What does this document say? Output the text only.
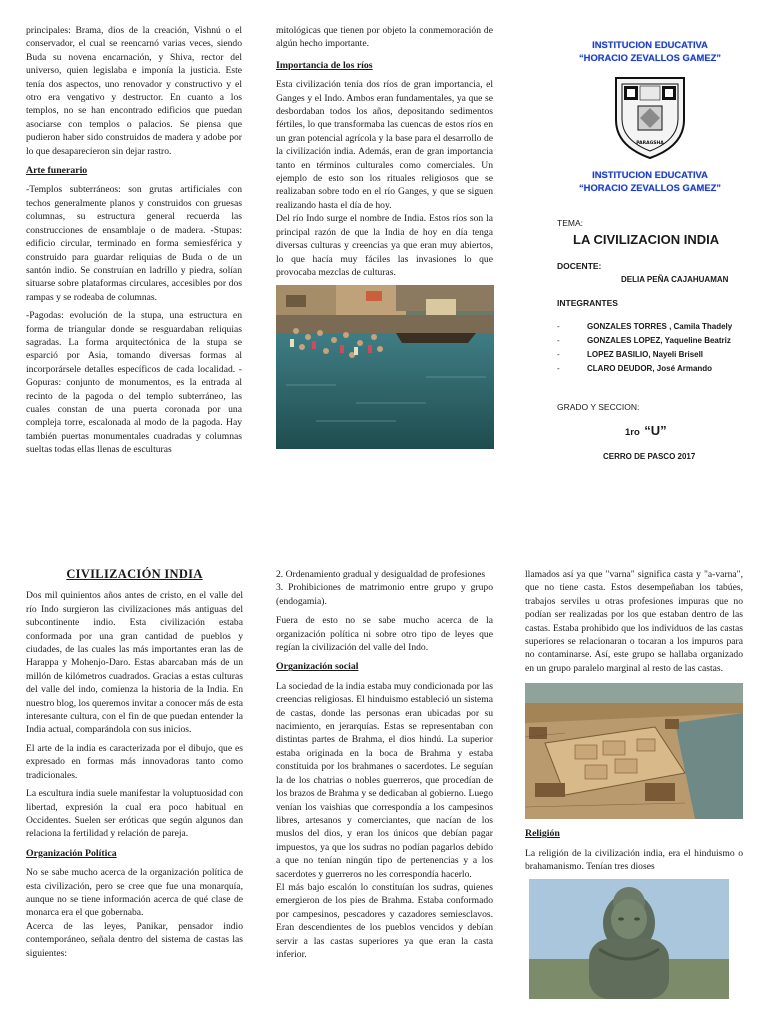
principales: Brama, dios de la creación, Vishnú o el conservador, el cual se reencarnó varias veces, siendo Buda su novena encarnación, y Shiva, rector del universo, quien legislaba e imponía la justicia. Este tenía dos aspectos, uno renovador y constructivo y el otro era vengativo y destructor. En cuanto a los templos, no se han encontrado edificios que puedan asociarse con templos o palacios. Se piensa que pudieron haber sido construidos de madera y adobe por lo que desaparecieron sin dejar rastro.

Arte funerario

-Templos subterráneos: son grutas artificiales con techos generalmente planos y construidos con gruesas columnas, su estructura general recuerda las construcciones de ensamblaje o de madera. -Stupas: edificio circular, terminado en forma semiesférica y construido para guardar reliquias de Buda o de un santón indio. Se construían en ladrillo y piedra, solían situarse sobre plataformas circulares, accesibles por dos rampas y se rodeaba de columnas.

-Pagodas: evolución de la stupa, una estructura en forma de triangular donde se resguardaban reliquias sagradas. La forma arquitectónica de la stupa se esparció por Asia, tomando diversas formas al incorporársele detalles específicos de cada localidad. -Gopuras: conjunto de monumentos, es la entrada al recinto de la pagoda o del templo subterráneo, las cuales constan de una puerta coronada por una compleja torre, escalonada al modo de la pagoda. Hay también puertas monumentales cuadradas y columnas sueltas todas ellas llenas de esculturas

mitológicas que tienen por objeto la conmemoración de algún hecho importante.

Importancia de los ríos

Esta civilización tenía dos ríos de gran importancia, el Ganges y el Indo. Ambos eran fundamentales, ya que se desbordaban todos los años, depositando sedimentos fértiles, lo que transformaba las cuencas de estos ríos en un gran potencial agrícola y la base para el desarrollo de la civilización india. Además, eran de gran importancia tanto en términos culturales como comerciales. Un ejemplo de esto son los rituales religiosos que se realizaban sobre todo en el río Ganges, y que se siguen realizando hasta el día de hoy.

Del río Indo surge el nombre de India. Estos ríos son la principal razón de que la India de hoy en día tenga diversas culturas y creencias ya que eran muy abiertos, lo que hacía muy fáciles las invasiones lo que provocaba mezclas de culturas.

INSTITUCION EDUCATIVA
“HORACIO ZEVALLOS GAMEZ”
PARAGSHA
INSTITUCION EDUCATIVA
“HORACIO ZEVALLOS GAMEZ”
TEMA:
LA CIVILIZACION INDIA
DOCENTE:
DELIA PEÑA CAJAHUAMAN
INTEGRANTES
-	GONZALES TORRES , Camila Thadely
-	GONZALES LOPEZ, Yaqueline Beatriz
-	LOPEZ BASILIO, Nayeli Brisell
-	CLARO DEUDOR, José Armando
GRADO Y SECCION:
1ro “U”
CERRO DE PASCO 2017
CIVILIZACIÓN INDIA

Dos mil quinientos años antes de cristo, en el valle del río Indo surgieron las civilizaciones más antiguas del subcontinente indio. Esta civilización estaba conformada por una gran cantidad de pueblos y ciudades, de las cuales las más importantes eran las de Harappa y Mohenjo-Daro. Estas abarcaban más de un millón de kilómetros cuadrados. Gracias a estas culturas del valle del indo, comienza la historia de la India. En nuestro blog, los queremos invitar a conocer más de esta interesante cultura, con el fin de que puedan entender la India actual, comparándola con sus inicios.

El arte de la india es caracterizada por el dibujo, que es expresado en formas más innovadoras tanto como tradicionales.

La escultura india suele manifestar la voluptuosidad con libertad, expresión la cual era poco habitual en Occidentes. Suelen ser eróticas que según algunos dan relaciona la fertilidad y relación de pareja.

Organización Política

No se sabe mucho acerca de la organización política de esta civilización, pero se cree que fue una monarquía, aunque no se tiene información acerca de qué clase de monarca era el que gobernaba.

Acerca de las leyes, Panikar, pensador indio contemporáneo, señala dentro del sistema de castas las siguientes:

2. Ordenamiento gradual y desigualdad de profesiones

3. Prohibiciones de matrimonio entre grupo y grupo (endogamia).

Fuera de esto no se sabe mucho acerca de la organización política ni sobre otro tipo de leyes que regían la civilización del valle del Indo.

Organización social

La sociedad de la india estaba muy condicionada por las creencias religiosas. El hinduismo estableció un sistema de castas, donde las personas eran ubicadas por su nacimiento, en jerarquías. Estas se representaban con distintas partes de Brahma, el dios hindú. La superior estaba originada en la boca de Brahma y estaba constituida por los brahmanes o sacerdotes. Le seguían la de los chatrias o nobles guerreros, que procedían de los brazos de Brahma y se dedicaban al gobierno. Luego venían los vaishias que correspondía a los campesinos libres, artesanos y comerciantes, que nacían de los muslos del dios, y eran los únicos que debían pagar impuestos, ya que los sudras no podían pagarlos debido a que no tenían ningún tipo de pertenencias y a los sacerdotes y guerreros no les correspondía hacerlo.

El más bajo escalón lo constituían los sudras, quienes emergieron de los pies de Brahma. Estaba conformado por campesinos, pescadores y cazadores semiesclavos. Eran descendientes de los pueblos vencidos y debían servir a las castas superiores ya que eran la casta inferior.

llamados así ya que "varna" significa casta y "a-varna", que no tiene casta. Estos desempeñaban los tabúes, trabajos serviles u otras profesiones impuras que no podían ser realizadas por los que estaban dentro de las castas. Estaba prohibido que los individuos de las castas superiores se relacionaran o tocaran a los impuros para no contaminarse. Así, este grupo se hallaba organizado en un grupo paralelo marginal al resto de las castas.

Religión

La religión de la civilización india, era el hinduismo o brahamanismo. Tenían tres dioses
